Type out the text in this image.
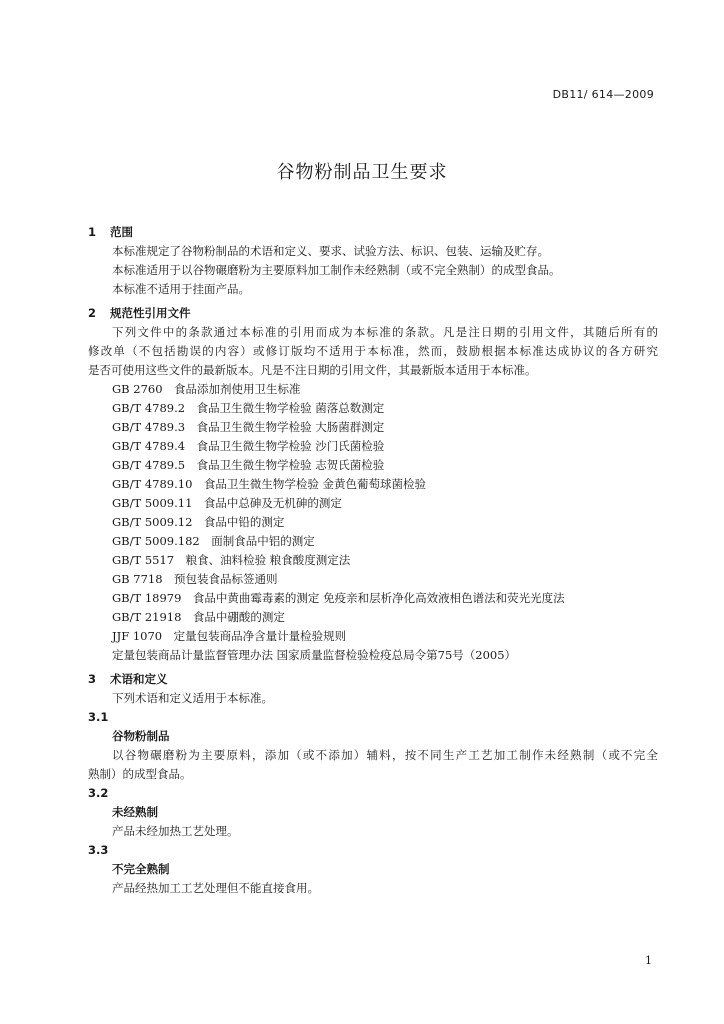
DB11/ 614—2009
谷物粉制品卫生要求
1 范围
本标准规定了谷物粉制品的术语和定义、要求、试验方法、标识、包装、运输及贮存。
本标准适用于以谷物碾磨粉为主要原料加工制作未经熟制（或不完全熟制）的成型食品。
本标准不适用于挂面产品。
2 规范性引用文件
下列文件中的条款通过本标准的引用而成为本标准的条款。凡是注日期的引用文件，其随后所有的
修改单（不包括勘误的内容）或修订版均不适用于本标准，然而，鼓励根据本标准达成协议的各方研究
是否可使用这些文件的最新版本。凡是不注日期的引用文件，其最新版本适用于本标准。
GB 2760　食品添加剂使用卫生标准
GB/T 4789.2　食品卫生微生物学检验 菌落总数测定
GB/T 4789.3　食品卫生微生物学检验 大肠菌群测定
GB/T 4789.4　食品卫生微生物学检验 沙门氏菌检验
GB/T 4789.5　食品卫生微生物学检验 志贺氏菌检验
GB/T 4789.10　食品卫生微生物学检验 金黄色葡萄球菌检验
GB/T 5009.11　食品中总砷及无机砷的测定
GB/T 5009.12　食品中铅的测定
GB/T 5009.182　面制食品中铝的测定
GB/T 5517　粮食、油料检验 粮食酸度测定法
GB 7718　预包装食品标签通则
GB/T 18979　食品中黄曲霉毒素的测定 免疫亲和层析净化高效液相色谱法和荧光光度法
GB/T 21918　食品中硼酸的测定
JJF 1070　定量包装商品净含量计量检验规则
定量包装商品计量监督管理办法 国家质量监督检验检疫总局令第75号（2005）
3 术语和定义
下列术语和定义适用于本标准。
3.1
谷物粉制品
以谷物碾磨粉为主要原料，添加（或不添加）辅料，按不同生产工艺加工制作未经熟制（或不完全
熟制）的成型食品。
3.2
未经熟制
产品未经加热工艺处理。
3.3
不完全熟制
产品经热加工工艺处理但不能直接食用。
1
